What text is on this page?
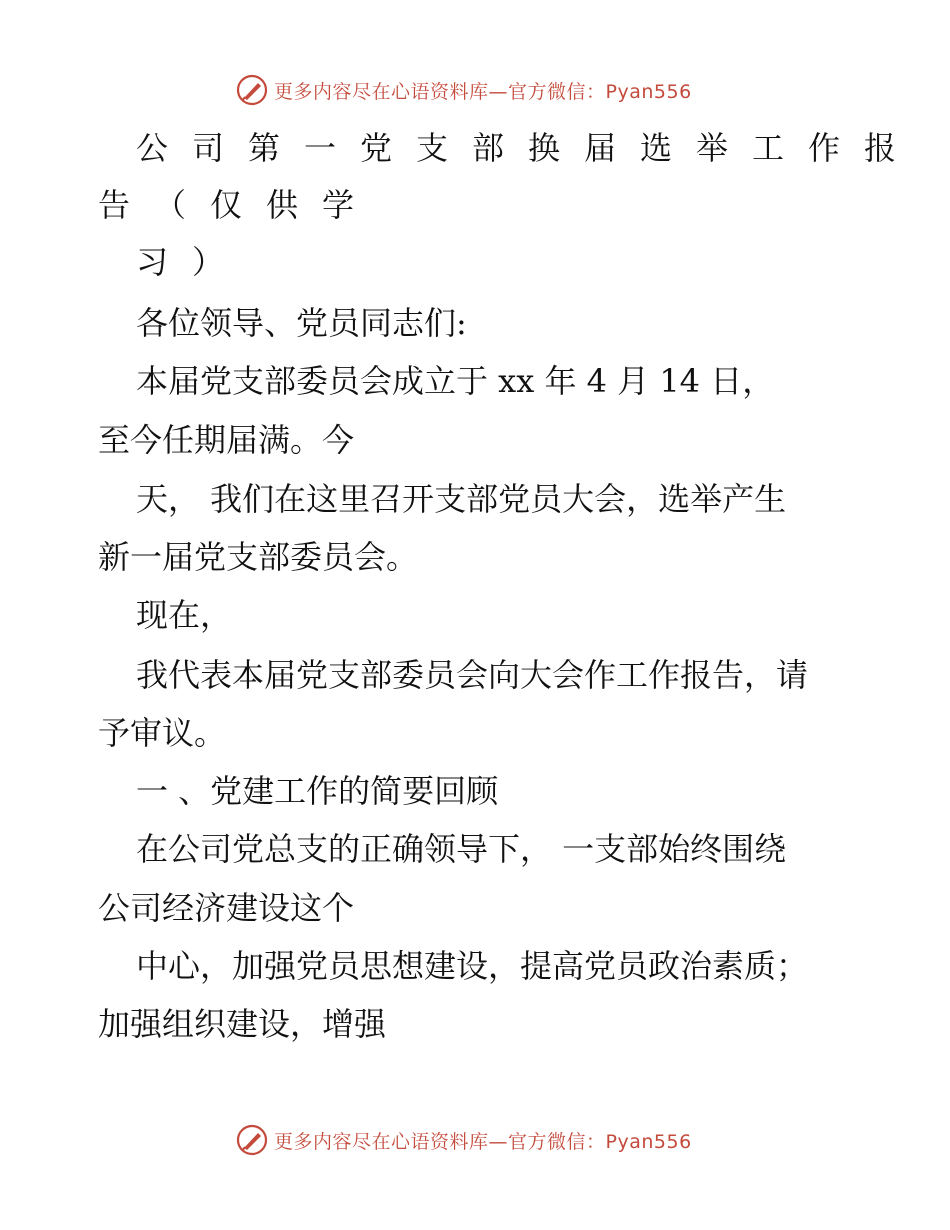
更多内容尽在心语资料库—官方微信：Pyan556
公司第一党支部换届选举工作报
告（仅供学
习）
各位领导、党员同志们:
本届党支部委员会成立于 xx 年 4 月 14 日，
至今任期届满。今
天， 我们在这里召开支部党员大会，选举产生
新一届党支部委员会。
现在，
我代表本届党支部委员会向大会作工作报告，请
予审议。
一 、党建工作的简要回顾
在公司党总支的正确领导下， 一支部始终围绕
公司经济建设这个
中心，加强党员思想建设，提高党员政治素质；
加强组织建设，增强
更多内容尽在心语资料库—官方微信：Pyan556
